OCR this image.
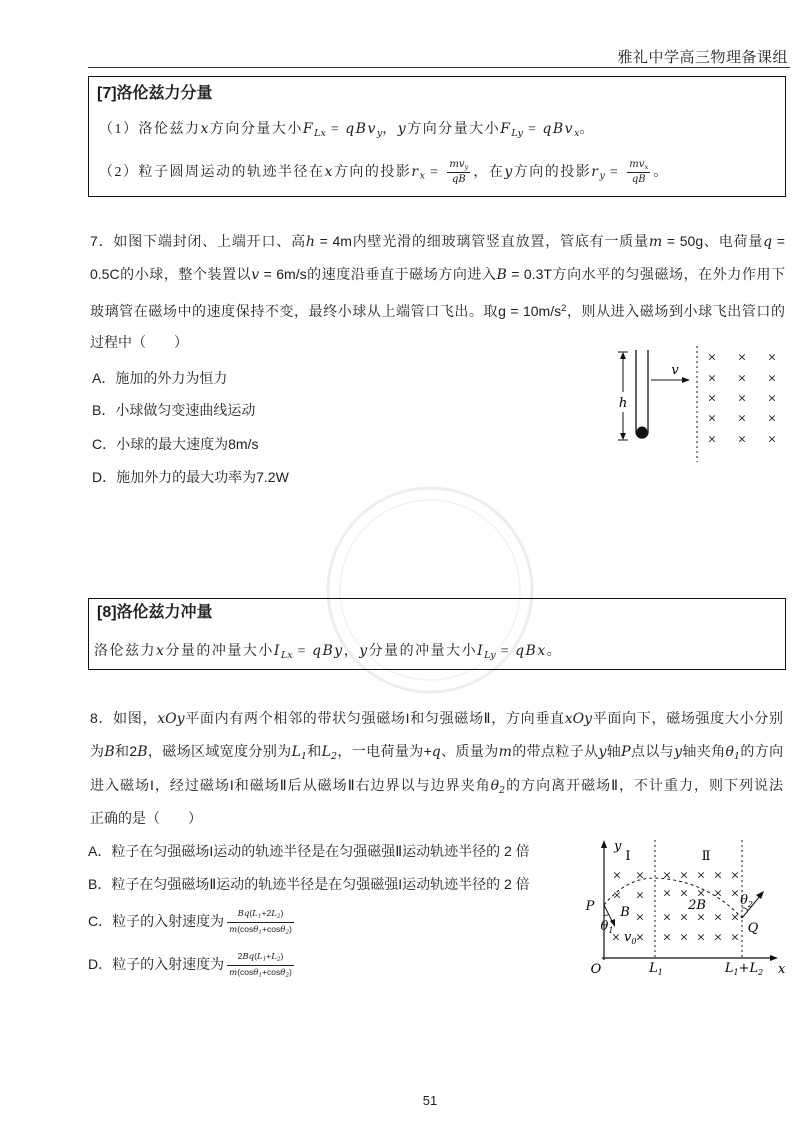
雅礼中学高三物理备课组
[7]洛伦兹力分量
（1）洛伦兹力x方向分量大小$F_{Lx} = qBv_y$，y方向分量大小$F_{Ly} = qBv_x$。
（2）粒子圆周运动的轨迹半径在x方向的投影$r_x = \frac{mv_y}{qB}$ ，在y方向的投影$r_y = \frac{mv_x}{qB}$ 。
7．如图下端封闭、上端开口、高h = 4m内壁光滑的细玻璃管竖直放置，管底有一质量m = 50g、电荷量q =
0.5C的小球，整个装置以v = 6m/s的速度沿垂直于磁场方向进入B = 0.3T方向水平的匀强磁场，在外力作用下
玻璃管在磁场中的速度保持不变，最终小球从上端管口飞出。取$g = 10m/s^2$，则从进入磁场到小球飞出管口的
过程中（　　）
A．施加的外力为恒力
B．小球做匀变速曲线运动
C．小球的最大速度为8m/s
D．施加外力的最大功率为7.2W
h
v
×
×
×
×
×
×
×
×
×
×
×
×
×
×
×
[8]洛伦兹力冲量
洛伦兹力x分量的冲量大小$I_{Lx}$ = qBy，y分量的冲量大小$I_{Ly}$ = qBx。
8．如图，xOy平面内有两个相邻的带状匀强磁场I和匀强磁场Ⅱ，方向垂直xOy平面向下，磁场强度大小分别
为B和2B，磁场区域宽度分别为$L_1$和$L_2$，一电荷量为+q、质量为m的带点粒子从y轴P点以与y轴夹角$\theta_1$的方向
进入磁场I，经过磁场I和磁场Ⅱ后从磁场Ⅱ右边界以与边界夹角$\theta_2$的方向离开磁场Ⅱ，不计重力，则下列说法
正确的是（　　）
A．粒子在匀强磁场I运动的轨迹半径是在匀强磁强Ⅱ运动轨迹半径的 2 倍
B．粒子在匀强磁场Ⅱ运动的轨迹半径是在匀强磁强I运动轨迹半径的 2 倍
C．粒子的入射速度为 $\frac{Bq(L_1+2L_2)}{m(\cos\theta_1+\cos\theta_2)}$
D．粒子的入射速度为 $\frac{2Bq(L_1+L_2)}{m(\cos\theta_1+\cos\theta_2)}$
y
x
O
I	Ⅱ
P
Q
B	2B
$\theta_1$
$\theta_2$
$v_0$
$L_1$	$L_1+L_2$
× ×
× ×
×
× ×
×
×
×
×
×
×
×
×
×
×
×
×
×
×
×
×
×
×
×
×
51
